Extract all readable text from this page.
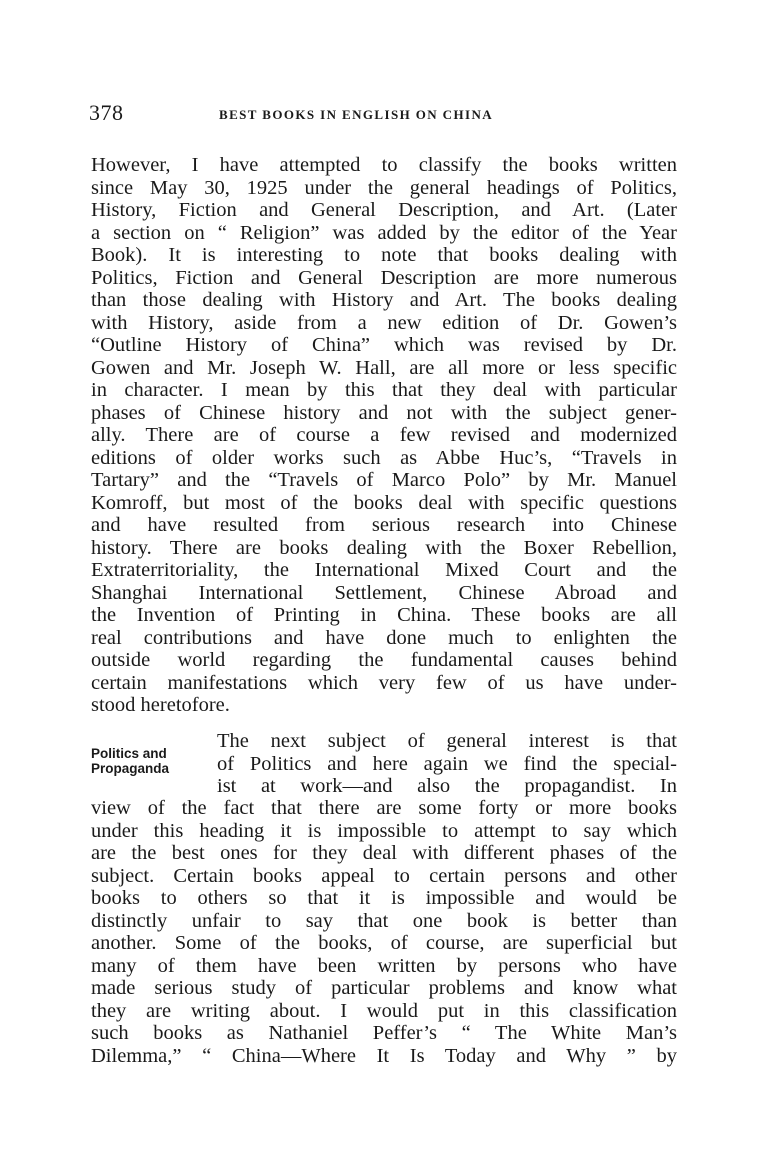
378	BEST BOOKS IN ENGLISH ON CHINA
However, I have attempted to classify the books written
since May 30, 1925 under the general headings of Politics,
History, Fiction and General Description, and Art. (Later
a section on “ Religion” was added by the editor of the Year
Book). It is interesting to note that books dealing with
Politics, Fiction and General Description are more numerous
than those dealing with History and Art. The books dealing
with History, aside from a new edition of Dr. Gowen’s
“Outline History of China” which was revised by Dr.
Gowen and Mr. Joseph W. Hall, are all more or less specific
in character. I mean by this that they deal with particular
phases of Chinese history and not with the subject gener-
ally. There are of course a few revised and modernized
editions of older works such as Abbe Huc’s, “Travels in
Tartary” and the “Travels of Marco Polo” by Mr. Manuel
Komroff, but most of the books deal with specific questions
and have resulted from serious research into Chinese
history. There are books dealing with the Boxer Rebellion,
Extraterritoriality, the International Mixed Court and the
Shanghai International Settlement, Chinese Abroad and
the Invention of Printing in China. These books are all
real contributions and have done much to enlighten the
outside world regarding the fundamental causes behind
certain manifestations which very few of us have under-
stood heretofore.
Politics and
Propaganda
The next subject of general interest is that
of Politics and here again we find the special-
ist at work—and also the propagandist. In
view of the fact that there are some forty or more books
under this heading it is impossible to attempt to say which
are the best ones for they deal with different phases of the
subject. Certain books appeal to certain persons and other
books to others so that it is impossible and would be
distinctly unfair to say that one book is better than
another. Some of the books, of course, are superficial but
many of them have been written by persons who have
made serious study of particular problems and know what
they are writing about. I would put in this classification
such books as Nathaniel Peffer’s “ The White Man’s
Dilemma,” “ China—Where It Is Today and Why ” by
